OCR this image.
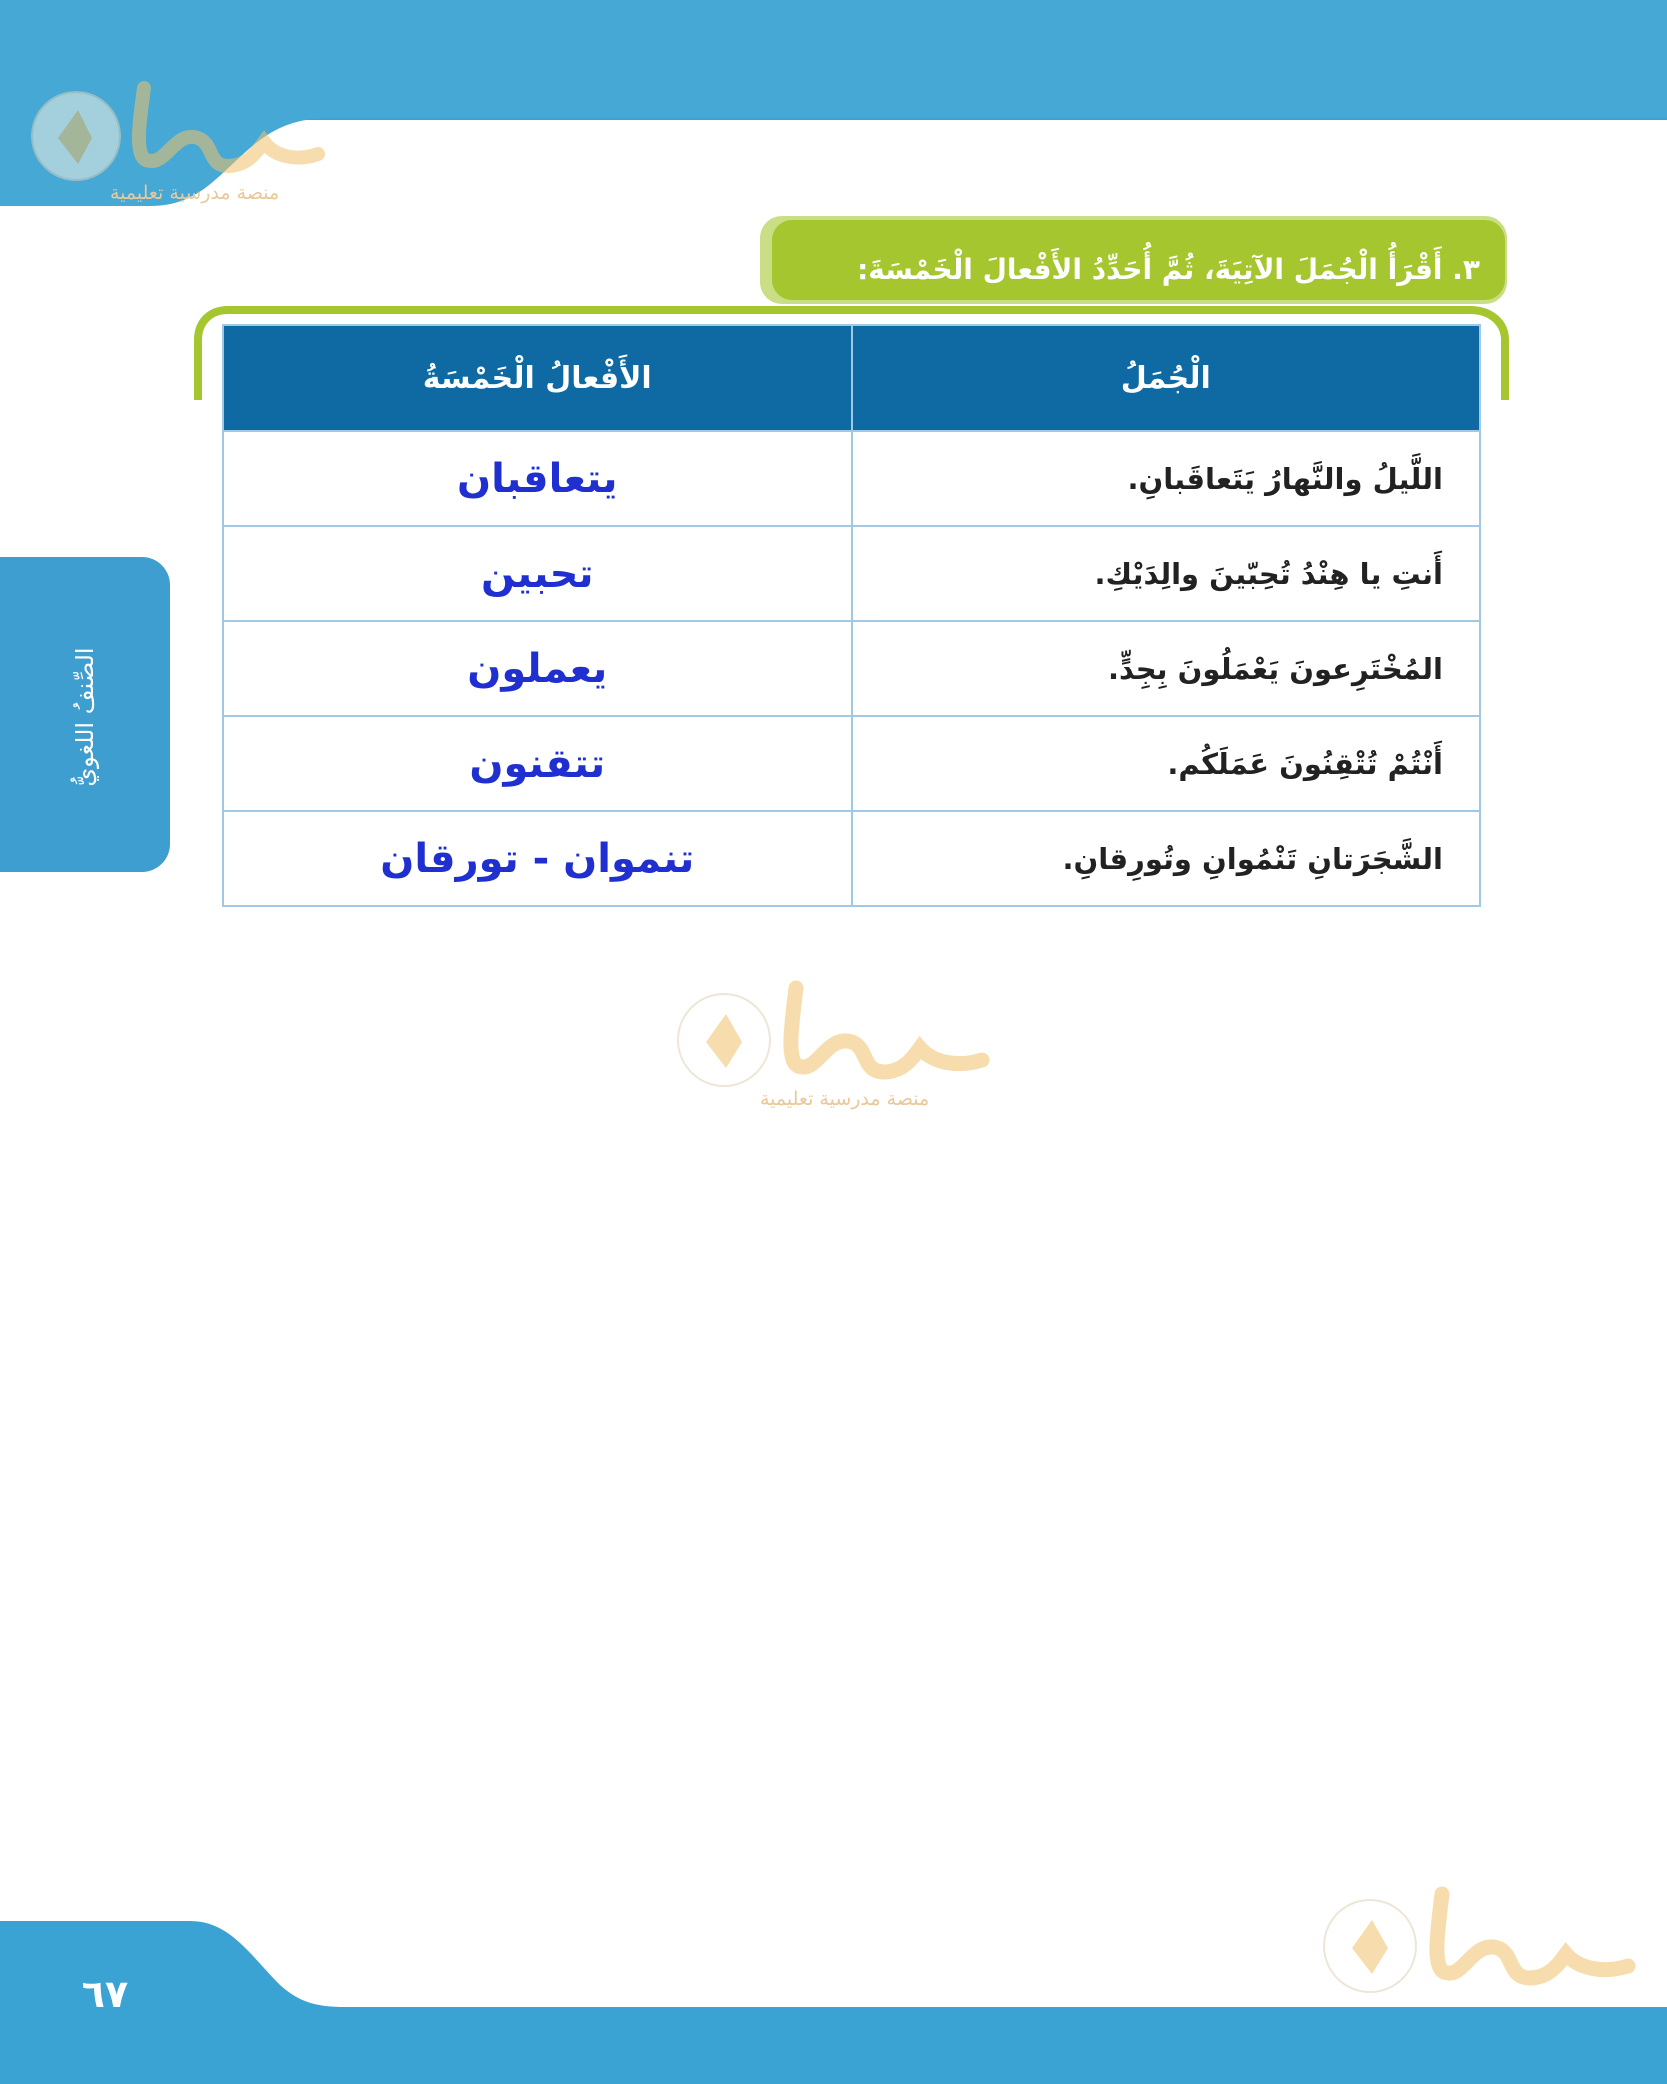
منصة مدرسية تعليمية
الصِّنفُ اللغويُّ
٣. أَقْرَأُ الْجُمَلَ الآتِيَةَ، ثُمَّ أُحَدِّدُ الأَفْعالَ الْخَمْسَةَ:
الْجُمَلُ	الأَفْعالُ الْخَمْسَةُ
اللَّيلُ والنَّهارُ يَتَعاقَبانِ.	يتعاقبان
أَنتِ يا هِنْدُ تُحِبّينَ والِدَيْكِ.	تحبين
المُخْتَرِعونَ يَعْمَلُونَ بِجِدٍّ.	يعملون
أَنْتُمْ تُتْقِنُونَ عَمَلَكُم.	تتقنون
الشَّجَرَتانِ تَنْمُوانِ وتُورِقانِ.	تنموان - تورقان
منصة مدرسية تعليمية
٦٧
